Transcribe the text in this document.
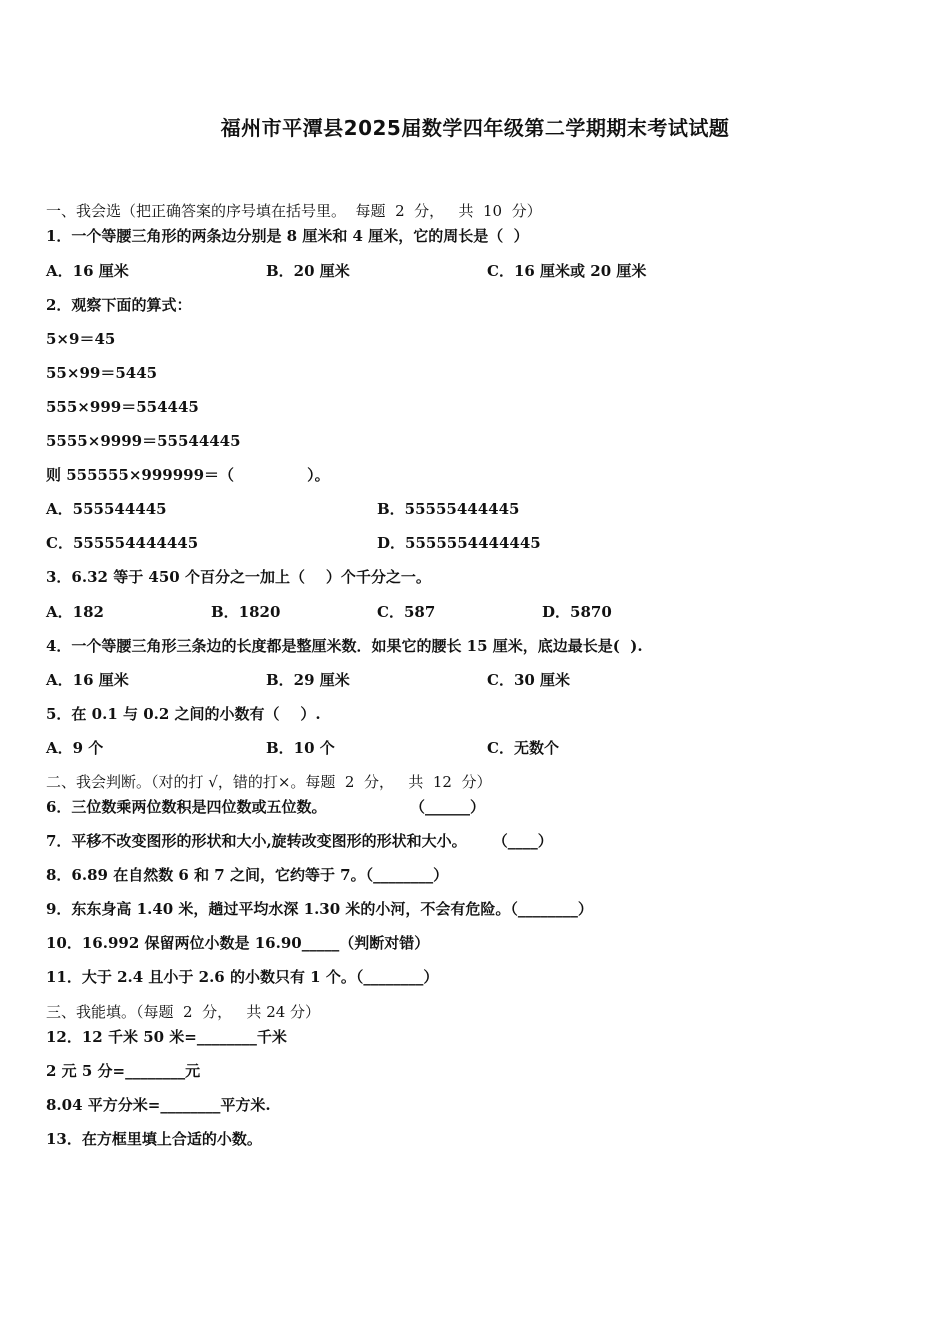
福州市平潭县2025届数学四年级第二学期期末考试试题
一、我会选（把正确答案的序号填在括号里。  每题  2  分，   共  10  分）
1．一个等腰三角形的两条边分别是 8 厘米和 4 厘米，它的周长是（  ）
A．16 厘米	B．20 厘米	C．16 厘米或 20 厘米
2．观察下面的算式：
5×9＝45
55×99＝5445
555×999＝554445
5555×9999＝55544445
则 555555×999999＝（              ）。
A．555544445	B．55555444445
C．555554444445	D．5555554444445
3．6.32 等于 450 个百分之一加上（    ）个千分之一。
A．182	B．1820	C．587	D．5870
4．一个等腰三角形三条边的长度都是整厘米数．如果它的腰长 15 厘米，底边最长是(  ).
A．16 厘米	B．29 厘米	C．30 厘米
5．在 0.1 与 0.2 之间的小数有（    ）.
A．9 个	B．10 个	C．无数个
二、我会判断。（对的打 √，错的打×。每题  2  分，   共  12  分）
6．三位数乘两位数积是四位数或五位数。                （______）
7．平移不改变图形的形状和大小,旋转改变图形的形状和大小。     （____）
8．6.89 在自然数 6 和 7 之间，它约等于 7。（________）
9．东东身高 1.40 米，趟过平均水深 1.30 米的小河，不会有危险。（________）
10．16.992 保留两位小数是 16.90_____（判断对错）
11．大于 2.4 且小于 2.6 的小数只有 1 个。（________）
三、我能填。（每题  2  分，   共 24 分）
12．12 千米 50 米=________千米
2 元 5 分=________元
8.04 平方分米=________平方米.
13．在方框里填上合适的小数。
